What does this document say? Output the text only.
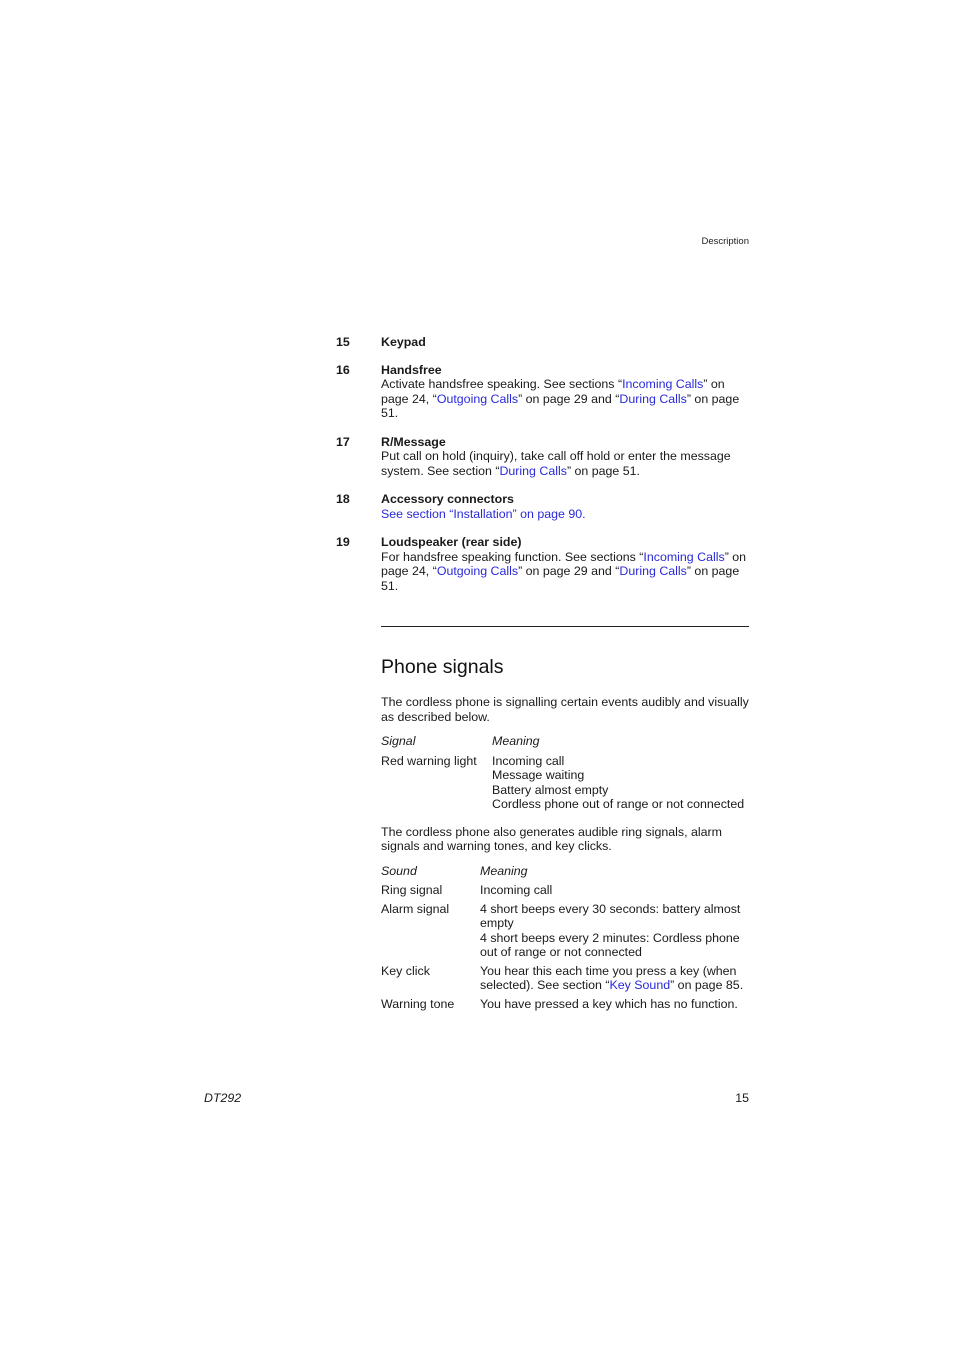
Description
15	Keypad
16	Handsfree
Activate handsfree speaking. See sections “Incoming Calls” on page 24, “Outgoing Calls” on page 29 and “During Calls” on page 51.
17	R/Message
Put call on hold (inquiry), take call off hold or enter the message system. See section “During Calls” on page 51.
18	Accessory connectors
See section “Installation” on page 90.
19	Loudspeaker (rear side)
For handsfree speaking function. See sections “Incoming Calls” on page 24, “Outgoing Calls” on page 29 and “During Calls” on page 51.
Phone signals

The cordless phone is signalling certain events audibly and visually as described below.

Signal	Meaning
Red warning light	Incoming call
Message waiting
Battery almost empty
Cordless phone out of range or not connected

The cordless phone also generates audible ring signals, alarm signals and warning tones, and key clicks.

Sound	Meaning
Ring signal	Incoming call
Alarm signal	4 short beeps every 30 seconds: battery almost empty
4 short beeps every 2 minutes: Cordless phone out of range or not connected

Key click	You hear this each time you press a key (when selected). See section “Key Sound” on page 85.
Warning tone	You have pressed a key which has no function.
DT292	15
